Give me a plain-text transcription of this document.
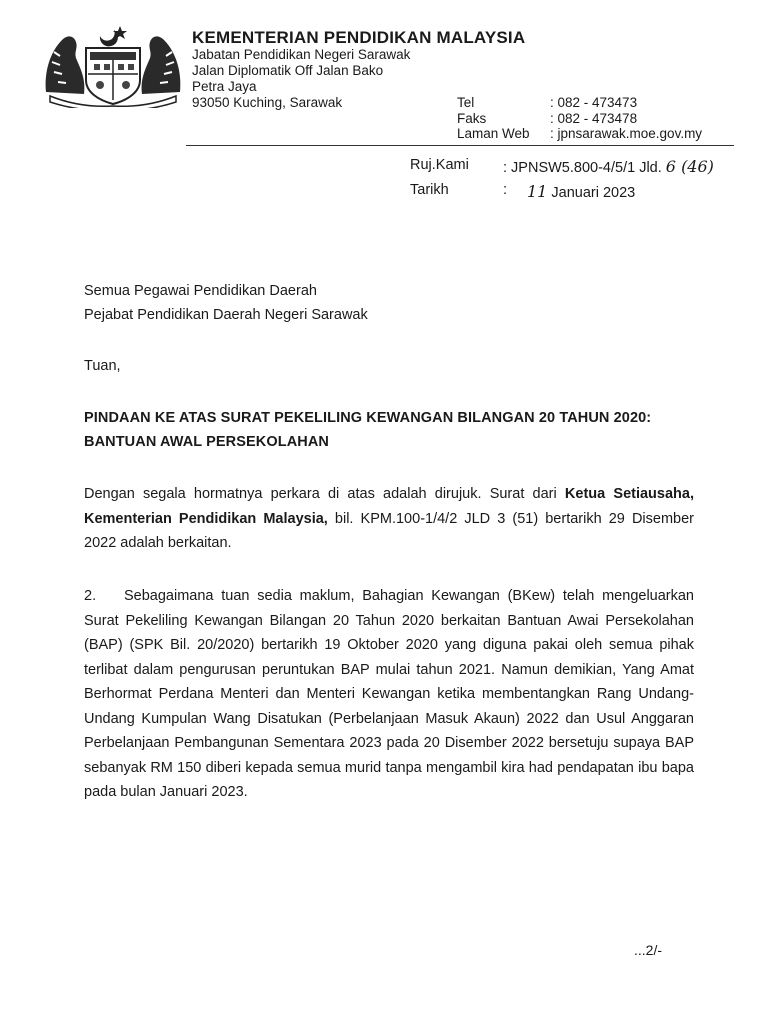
KEMENTERIAN PENDIDIKAN MALAYSIA
Jabatan Pendidikan Negeri Sarawak
Jalan Diplomatik Off Jalan Bako
Petra Jaya
93050 Kuching, Sarawak	Tel	: 082 - 473473
Faks	: 082 - 473478
Laman Web : jpnsarawak.moe.gov.my
Ruj.Kami : JPNSW5.800-4/5/1 Jld. 6 (46)
Tarikh	: 11 Januari 2023
Semua Pegawai Pendidikan Daerah
Pejabat Pendidikan Daerah Negeri Sarawak
Tuan,
PINDAAN KE ATAS SURAT PEKELILING KEWANGAN BILANGAN 20 TAHUN 2020:
BANTUAN AWAL PERSEKOLAHAN
Dengan segala hormatnya perkara di atas adalah dirujuk. Surat dari Ketua Setiausaha, Kementerian Pendidikan Malaysia, bil. KPM.100-1/4/2 JLD 3 (51) bertarikh 29 Disember 2022 adalah berkaitan.
2. Sebagaimana tuan sedia maklum, Bahagian Kewangan (BKew) telah mengeluarkan Surat Pekeliling Kewangan Bilangan 20 Tahun 2020 berkaitan Bantuan Awai Persekolahan (BAP) (SPK Bil. 20/2020) bertarikh 19 Oktober 2020 yang diguna pakai oleh semua pihak terlibat dalam pengurusan peruntukan BAP mulai tahun 2021. Namun demikian, Yang Amat Berhormat Perdana Menteri dan Menteri Kewangan ketika membentangkan Rang Undang-Undang Kumpulan Wang Disatukan (Perbelanjaan Masuk Akaun) 2022 dan Usul Anggaran Perbelanjaan Pembangunan Sementara 2023 pada 20 Disember 2022 bersetuju supaya BAP sebanyak RM 150 diberi kepada semua murid tanpa mengambil kira had pendapatan ibu bapa pada bulan Januari 2023.
...2/-
